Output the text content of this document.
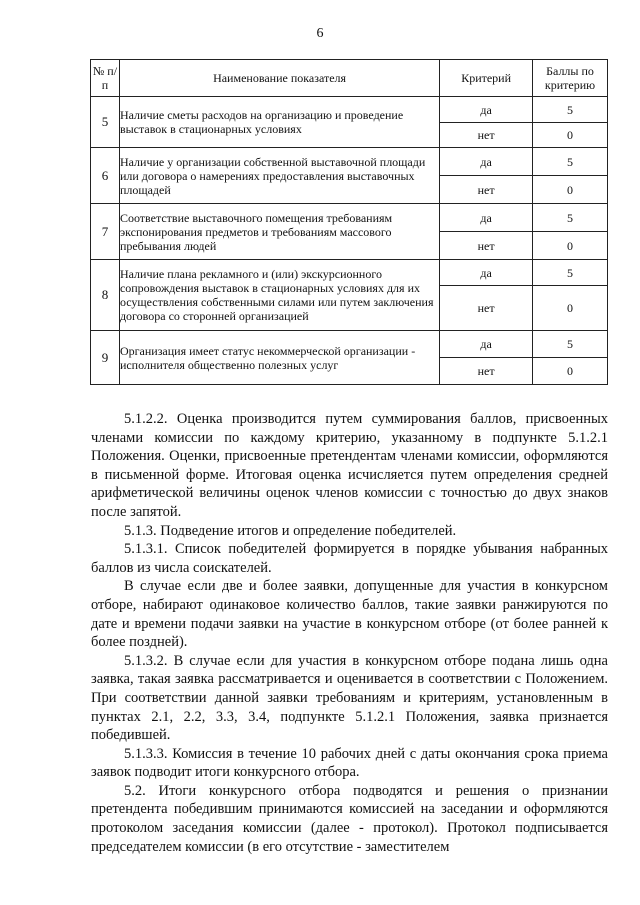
6
№ п/п	Наименование показателя	Критерий	Баллы по критерию
5	Наличие сметы расходов на организацию и проведение выставок в стационарных условиях	да	5
		нет	0
6	Наличие у организации собственной выставочной площади или договора о намерениях предоставления выставочных площадей	да	5
		нет	0
7	Соответствие выставочного помещения требованиям экспонирования предметов и требованиям массового пребывания людей	да	5
		нет	0
8	Наличие плана рекламного и (или) экскурсионного сопровождения выставок в стационарных условиях для их осуществления собственными силами или путем заключения договора со сторонней организацией	да	5
		нет	0
9	Организация имеет статус некоммерческой организации - исполнителя общественно полезных услуг	да	5
		нет	0

5.1.2.2. Оценка производится путем суммирования баллов, присвоенных членами комиссии по каждому критерию, указанному в подпункте 5.1.2.1 Положения. Оценки, присвоенные претендентам членами комиссии, оформляются в письменной форме. Итоговая оценка исчисляется путем определения средней арифметической величины оценок членов комиссии с точностью до двух знаков после запятой.

5.1.3. Подведение итогов и определение победителей.

5.1.3.1. Список победителей формируется в порядке убывания набранных баллов из числа соискателей.

В случае если две и более заявки, допущенные для участия в конкурсном отборе, набирают одинаковое количество баллов, такие заявки ранжируются по дате и времени подачи заявки на участие в конкурсном отборе (от более ранней к более поздней).

5.1.3.2. В случае если для участия в конкурсном отборе подана лишь одна заявка, такая заявка рассматривается и оценивается в соответствии с Положением. При соответствии данной заявки требованиям и критериям, установленным в пунктах 2.1, 2.2, 3.3, 3.4, подпункте 5.1.2.1 Положения, заявка признается победившей.

5.1.3.3. Комиссия в течение 10 рабочих дней с даты окончания срока приема заявок подводит итоги конкурсного отбора.

5.2. Итоги конкурсного отбора подводятся и решения о признании претендента победившим принимаются комиссией на заседании и оформляются протоколом заседания комиссии (далее - протокол). Протокол подписывается председателем комиссии (в его отсутствие - заместителем
